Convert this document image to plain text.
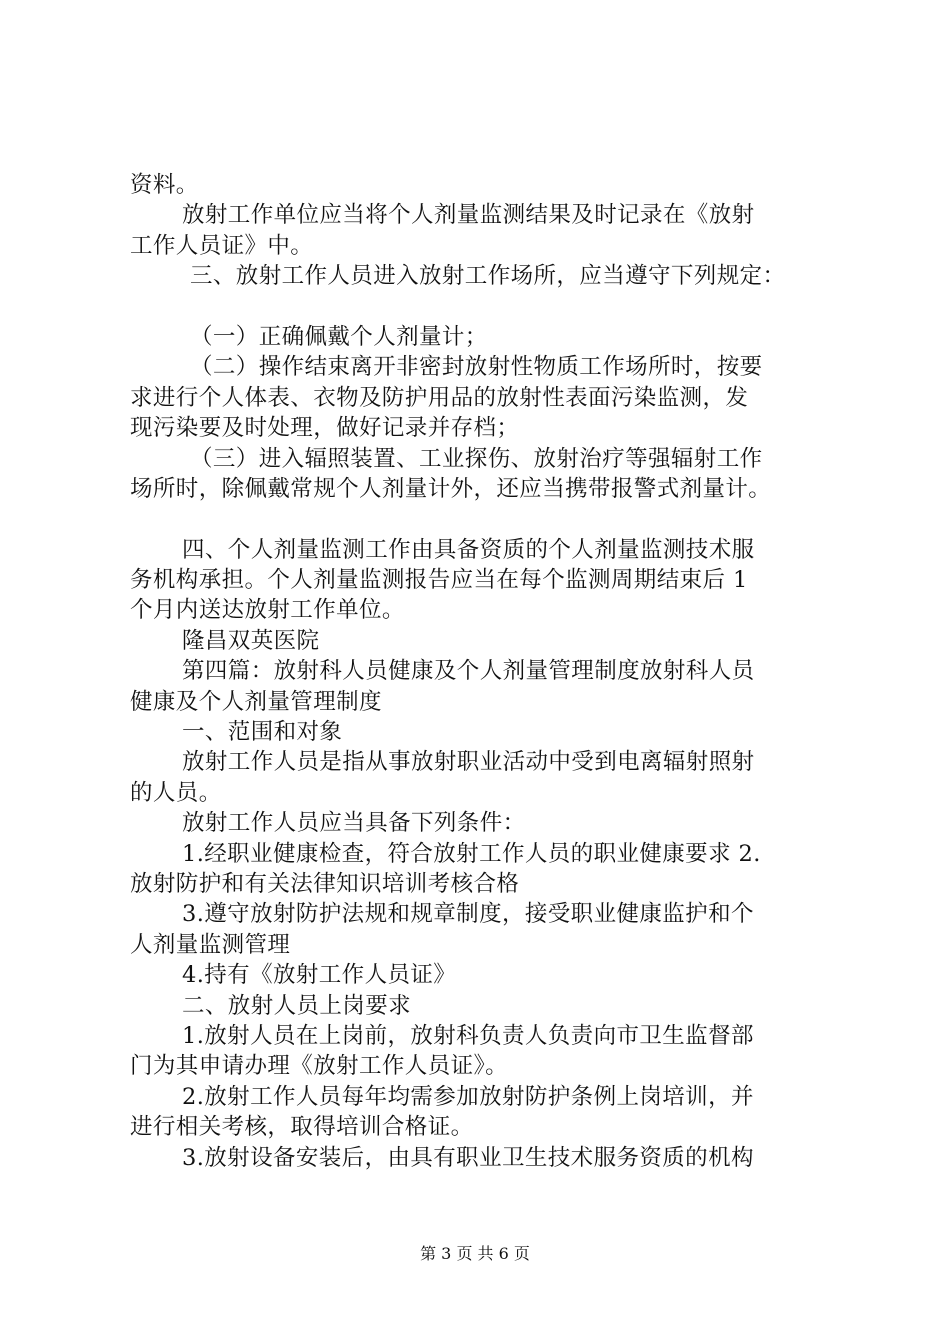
资料。
放射工作单位应当将个人剂量监测结果及时记录在《放射
工作人员证》中。
三、放射工作人员进入放射工作场所，应当遵守下列规定：
（一）正确佩戴个人剂量计；
（二）操作结束离开非密封放射性物质工作场所时，按要
求进行个人体表、衣物及防护用品的放射性表面污染监测，发
现污染要及时处理，做好记录并存档；
（三）进入辐照装置、工业探伤、放射治疗等强辐射工作
场所时，除佩戴常规个人剂量计外，还应当携带报警式剂量计。
四、个人剂量监测工作由具备资质的个人剂量监测技术服
务机构承担。个人剂量监测报告应当在每个监测周期结束后 1
个月内送达放射工作单位。
隆昌双英医院
第四篇：放射科人员健康及个人剂量管理制度放射科人员
健康及个人剂量管理制度
一、范围和对象
放射工作人员是指从事放射职业活动中受到电离辐射照射
的人员。
放射工作人员应当具备下列条件：
1.经职业健康检查，符合放射工作人员的职业健康要求 2.
放射防护和有关法律知识培训考核合格
3.遵守放射防护法规和规章制度，接受职业健康监护和个
人剂量监测管理
4.持有《放射工作人员证》
二、放射人员上岗要求
1.放射人员在上岗前，放射科负责人负责向市卫生监督部
门为其申请办理《放射工作人员证》。
2.放射工作人员每年均需参加放射防护条例上岗培训，并
进行相关考核，取得培训合格证。
3.放射设备安装后，由具有职业卫生技术服务资质的机构
第 3 页 共 6 页
